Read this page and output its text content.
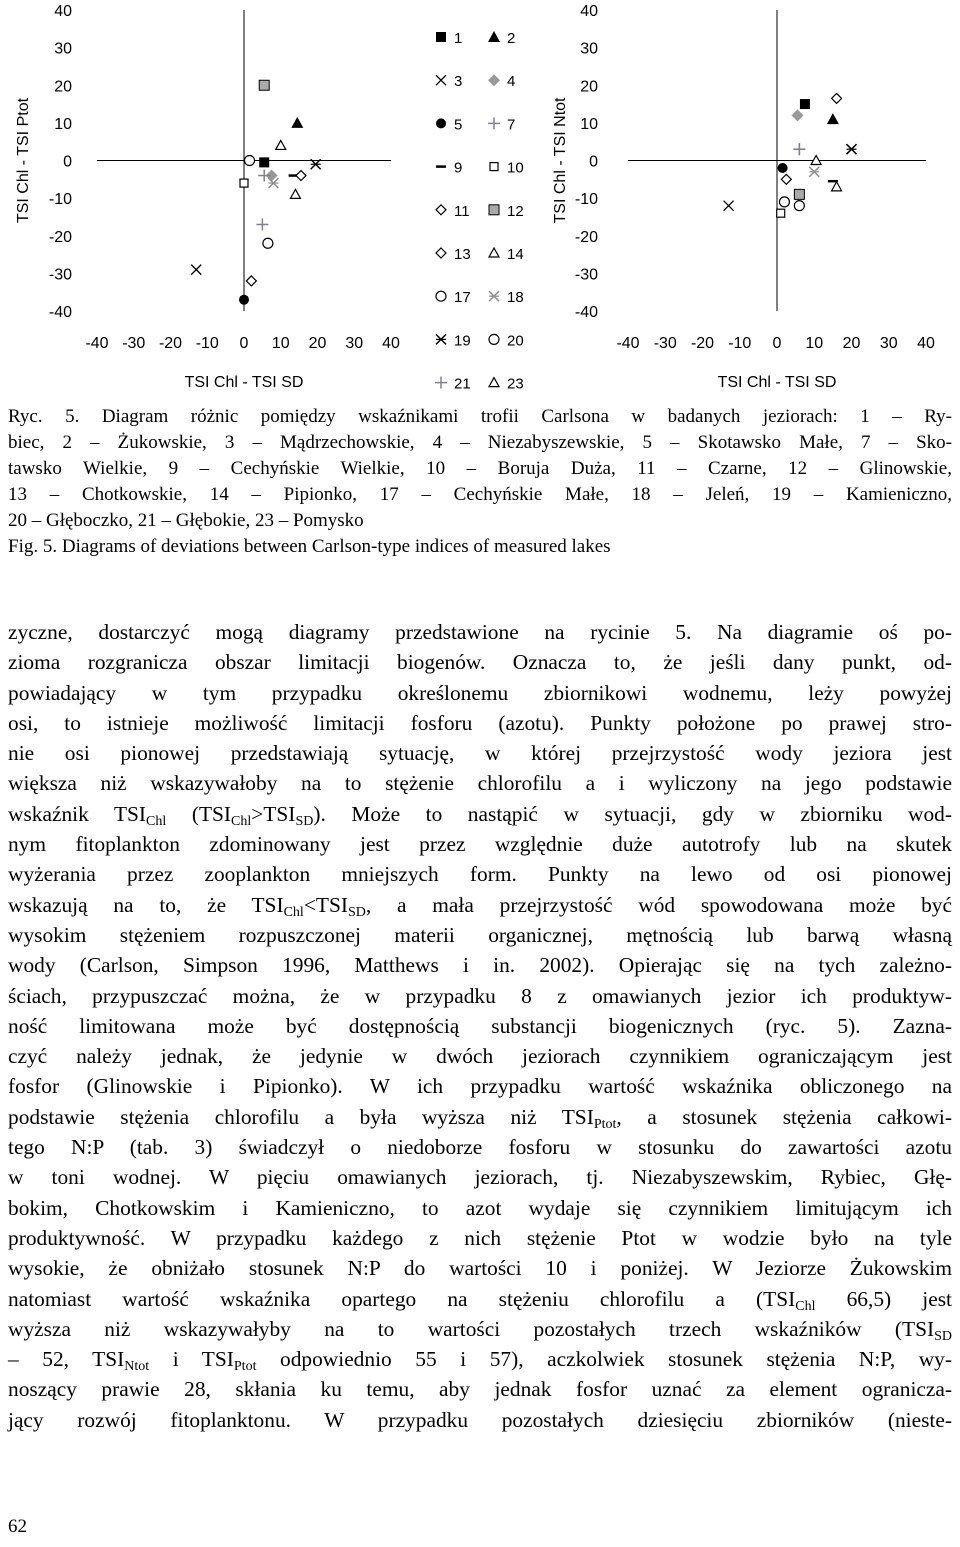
40
30
20
10
0
-10
-20
-30
-40
-40 -30 -20 -10 0 10 20 30 40
TSI Chl - TSI SD
TSI Chl - TSI Ptot
40
30
20
10
0
-10
-20
-30
-40
-40 -30 -20 -10 0 10 20 30 40
TSI Chl - TSI SD
TSI Chl - TSI Ntot
1	2
3	4
5	7
9	10
11 12
13 14
17 18
19 20
21 23

Ryc. 5. Diagram różnic pomiędzy wskaźnikami trofii Carlsona w badanych jeziorach: 1 – Ry-

biec, 2 – Żukowskie, 3 – Mądrzechowskie, 4 – Niezabyszewskie, 5 – Skotawsko Małe, 7 – Sko-

tawsko Wielkie, 9 – Cechyńskie Wielkie, 10 – Boruja Duża, 11 – Czarne, 12 – Glinowskie,

13 – Chotkowskie, 14 – Pipionko, 17 – Cechyńskie Małe, 18 – Jeleń, 19 – Kamieniczno,

20 – Głęboczko, 21 – Głębokie, 23 – Pomysko

Fig. 5. Diagrams of deviations between Carlson-type indices of measured lakes

zyczne, dostarczyć mogą diagramy przedstawione na rycinie 5. Na diagramie oś po-

zioma rozgranicza obszar limitacji biogenów. Oznacza to, że jeśli dany punkt, od-

powiadający w tym przypadku określonemu zbiornikowi wodnemu, leży powyżej

osi, to istnieje możliwość limitacji fosforu (azotu). Punkty położone po prawej stro-

nie osi pionowej przedstawiają sytuację, w której przejrzystość wody jeziora jest

większa niż wskazywałoby na to stężenie chlorofilu a i wyliczony na jego podstawie

wskaźnik $TSI_{Chl}$ $(TSI_{Chl}>TSI_{SD})$. Może to nastąpić w sytuacji, gdy w zbiorniku wod-

nym fitoplankton zdominowany jest przez względnie duże autotrofy lub na skutek

wyżerania przez zooplankton mniejszych form. Punkty na lewo od osi pionowej

wskazują na to, że $TSI_{Chl}<TSI_{SD}$, a mała przejrzystość wód spowodowana może być

wysokim stężeniem rozpuszczonej materii organicznej, mętnością lub barwą własną

wody (Carlson, Simpson 1996, Matthews i in. 2002). Opierając się na tych zależno-

ściach, przypuszczać można, że w przypadku 8 z omawianych jezior ich produktyw-

ność limitowana może być dostępnością substancji biogenicznych (ryc. 5). Zazna-

czyć należy jednak, że jedynie w dwóch jeziorach czynnikiem ograniczającym jest

fosfor (Glinowskie i Pipionko). W ich przypadku wartość wskaźnika obliczonego na

podstawie stężenia chlorofilu a była wyższa niż $TSI_{Ptot}$, a stosunek stężenia całkowi-

tego N:P (tab. 3) świadczył o niedoborze fosforu w stosunku do zawartości azotu

w toni wodnej. W pięciu omawianych jeziorach, tj. Niezabyszewskim, Rybiec, Głę-

bokim, Chotkowskim i Kamieniczno, to azot wydaje się czynnikiem limitującym ich

produktywność. W przypadku każdego z nich stężenie Ptot w wodzie było na tyle

wysokie, że obniżało stosunek N:P do wartości 10 i poniżej. W Jeziorze Żukowskim

natomiast wartość wskaźnika opartego na stężeniu chlorofilu a ($TSI_{Chl}$ 66,5) jest

wyższa niż wskazywałyby na to wartości pozostałych trzech wskaźników ($TSI_{SD}$

– 52, $TSI_{Ntot}$ i $TSI_{Ptot}$ odpowiednio 55 i 57), aczkolwiek stosunek stężenia N:P, wy-

noszący prawie 28, skłania ku temu, aby jednak fosfor uznać za element ogranicza-

jący rozwój fitoplanktonu. W przypadku pozostałych dziesięciu zbiorników (nieste-

62
